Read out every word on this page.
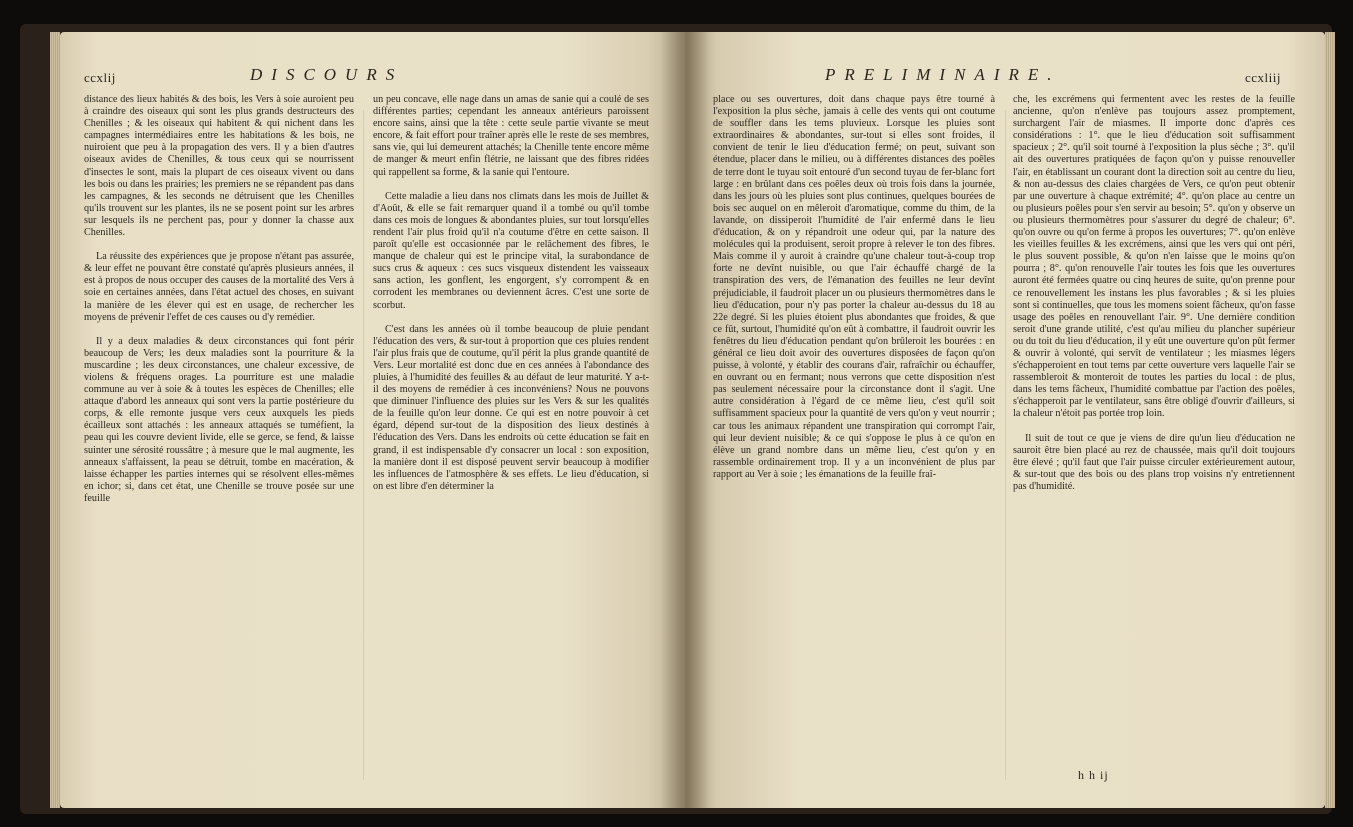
ccxlij	DISCOURS

distance des lieux habités & des bois, les Vers à soie auroient peu à craindre des oiseaux qui sont les plus grands destructeurs des Chenilles ; & les oiseaux qui habitent & qui nichent dans les campagnes intermédiaires entre les habitations & les bois, ne nuiroient que peu à la propagation des vers. Il y a bien d'autres oiseaux avides de Chenilles, & tous ceux qui se nourrissent d'insectes le sont, mais la plupart de ces oiseaux vivent ou dans les bois ou dans les prairies; les premiers ne se répandent pas dans les campagnes, & les seconds ne détruisent que les Chenilles qu'ils trouvent sur les plantes, ils ne se posent point sur les arbres sur lesquels ils ne perchent pas, pour y donner la chasse aux Chenilles.

La réussite des expériences que je propose n'étant pas assurée, & leur effet ne pouvant être constaté qu'après plusieurs années, il est à propos de nous occuper des causes de la mortalité des Vers à soie en certaines années, dans l'état actuel des choses, en suivant la manière de les élever qui est en usage, de rechercher les moyens de prévenir l'effet de ces causes ou d'y remédier.

Il y a deux maladies & deux circonstances qui font périr beaucoup de Vers; les deux maladies sont la pourriture & la muscardine ; les deux circonstances, une chaleur excessive, de violens & fréquens orages. La pourriture est une maladie commune au ver à soie & à toutes les espèces de Chenilles; elle attaque d'abord les anneaux qui sont vers la partie postérieure du corps, & elle remonte jusque vers ceux auxquels les pieds écailleux sont attachés : les anneaux attaqués se tuméfient, la peau qui les couvre devient livide, elle se gerce, se fend, & laisse suinter une sérosité roussâtre ; à mesure que le mal augmente, les anneaux s'affaissent, la peau se détruit, tombe en macération, & laisse échapper les parties internes qui se résolvent elles-mêmes en ichor; si, dans cet état, une Chenille se trouve posée sur une feuille

un peu concave, elle nage dans un amas de sanie qui a coulé de ses différentes parties; cependant les anneaux antérieurs paroissent encore sains, ainsi que la tête : cette seule partie vivante se meut encore, & fait effort pour traîner après elle le reste de ses membres, sans vie, qui lui demeurent attachés; la Chenille tente encore même de manger & meurt enfin flétrie, ne laissant que des fibres ridées qui rappellent sa forme, & la sanie qui l'entoure.

Cette maladie a lieu dans nos climats dans les mois de Juillet & d'Août, & elle se fait remarquer quand il a tombé ou qu'il tombe dans ces mois de longues & abondantes pluies, sur tout lorsqu'elles rendent l'air plus froid qu'il n'a coutume d'être en cette saison. Il paroît qu'elle est occasionnée par le relâchement des fibres, le manque de chaleur qui est le principe vital, la surabondance de sucs crus & aqueux : ces sucs visqueux distendent les vaisseaux sans action, les gonflent, les engorgent, s'y corrompent & en corrodent les membranes ou deviennent âcres. C'est une sorte de scorbut.

C'est dans les années où il tombe beaucoup de pluie pendant l'éducation des vers, & sur-tout à proportion que ces pluies rendent l'air plus frais que de coutume, qu'il périt la plus grande quantité de Vers. Leur mortalité est donc due en ces années à l'abondance des pluies, à l'humidité des feuilles & au défaut de leur maturité. Y a-t-il des moyens de remédier à ces inconvéniens? Nous ne pouvons que diminuer l'influence des pluies sur les Vers & sur les qualités de la feuille qu'on leur donne. Ce qui est en notre pouvoir à cet égard, dépend sur-tout de la disposition des lieux destinés à l'éducation des Vers. Dans les endroits où cette éducation se fait en grand, il est indispensable d'y consacrer un local : son exposition, la manière dont il est disposé peuvent servir beaucoup à modifier les influences de l'atmosphère & ses effets. Le lieu d'éducation, si on est libre d'en déterminer la

PRELIMINAIRE.	ccxliij

place ou ses ouvertures, doit dans chaque pays être tourné à l'exposition la plus sèche, jamais à celle des vents qui ont coutume de souffler dans les tems pluvieux. Lorsque les pluies sont extraordinaires & abondantes, sur-tout si elles sont froides, il convient de tenir le lieu d'éducation fermé; on peut, suivant son étendue, placer dans le milieu, ou à différentes distances des poêles de terre dont le tuyau soit entouré d'un second tuyau de fer-blanc fort large : en brûlant dans ces poêles deux où trois fois dans la journée, dans les jours où les pluies sont plus continues, quelques bourées de bois sec auquel on en mêleroit d'aromatique, comme du thim, de la lavande, on dissiperoit l'humidité de l'air enfermé dans le lieu d'éducation, & on y répandroit une odeur qui, par la nature des molécules qui la produisent, seroit propre à relever le ton des fibres. Mais comme il y auroit à craindre qu'une chaleur tout-à-coup trop forte ne devînt nuisible, ou que l'air échauffé chargé de la transpiration des vers, de l'émanation des feuilles ne leur devînt préjudiciable, il faudroit placer un ou plusieurs thermomètres dans le lieu d'éducation, pour n'y pas porter la chaleur au-dessus du 18 au 22e degré. Si les pluies étoient plus abondantes que froides, & que ce fût, surtout, l'humidité qu'on eût à combattre, il faudroit ouvrir les fenêtres du lieu d'éducation pendant qu'on brûleroit les bourées : en général ce lieu doit avoir des ouvertures disposées de façon qu'on puisse, à volonté, y établir des courans d'air, rafraîchir ou échauffer, en ouvrant ou en fermant; nous verrons que cette disposition n'est pas seulement nécessaire pour la circonstance dont il s'agit. Une autre considération à l'égard de ce même lieu, c'est qu'il soit suffisamment spacieux pour la quantité de vers qu'on y veut nourrir ; car tous les animaux répandent une transpiration qui corrompt l'air, qui leur devient nuisible; & ce qui s'oppose le plus à ce qu'on en élève un grand nombre dans un même lieu, c'est qu'on y en rassemble ordinairement trop. Il y a un inconvénient de plus par rapport au Ver à soie ; les émanations de la feuille fraî-

che, les excrémens qui fermentent avec les restes de la feuille ancienne, qu'on n'enlève pas toujours assez promptement, surchargent l'air de miasmes. Il importe donc d'après ces considérations : 1°. que le lieu d'éducation soit suffisamment spacieux ; 2°. qu'il soit tourné à l'exposition la plus sèche ; 3°. qu'il ait des ouvertures pratiquées de façon qu'on y puisse renouveller l'air, en établissant un courant dont la direction soit au centre du lieu, & non au-dessus des claies chargées de Vers, ce qu'on peut obtenir par une ouverture à chaque extrémité; 4°. qu'on place au centre un ou plusieurs poêles pour s'en servir au besoin; 5°. qu'on y observe un ou plusieurs thermomètres pour s'assurer du degré de chaleur; 6°. qu'on ouvre ou qu'on ferme à propos les ouvertures; 7°. qu'on enlève les vieilles feuilles & les excrémens, ainsi que les vers qui ont péri, le plus souvent possible, & qu'on n'en laisse que le moins qu'on pourra ; 8°. qu'on renouvelle l'air toutes les fois que les ouvertures auront été fermées quatre ou cinq heures de suite, qu'on prenne pour ce renouvellement les instans les plus favorables ; & si les pluies sont si continuelles, que tous les momens soient fâcheux, qu'on fasse usage des poêles en renouvellant l'air. 9°. Une dernière condition seroit d'une grande utilité, c'est qu'au milieu du plancher supérieur ou du toit du lieu d'éducation, il y eût une ouverture qu'on pût fermer & ouvrir à volonté, qui servît de ventilateur ; les miasmes légers s'échapperoient en tout tems par cette ouverture vers laquelle l'air se rassembleroit & monteroit de toutes les parties du local : de plus, dans les tems fâcheux, l'humidité combattue par l'action des poêles, s'échapperoit par le ventilateur, sans être obligé d'ouvrir d'ailleurs, si la chaleur n'étoit pas portée trop loin.

Il suit de tout ce que je viens de dire qu'un lieu d'éducation ne sauroit être bien placé au rez de chaussée, mais qu'il doit toujours être élevé ; qu'il faut que l'air puisse circuler extérieurement autour, & sur-tout que des bois ou des plans trop voisins n'y entretiennent pas d'humidité.

h h ij
